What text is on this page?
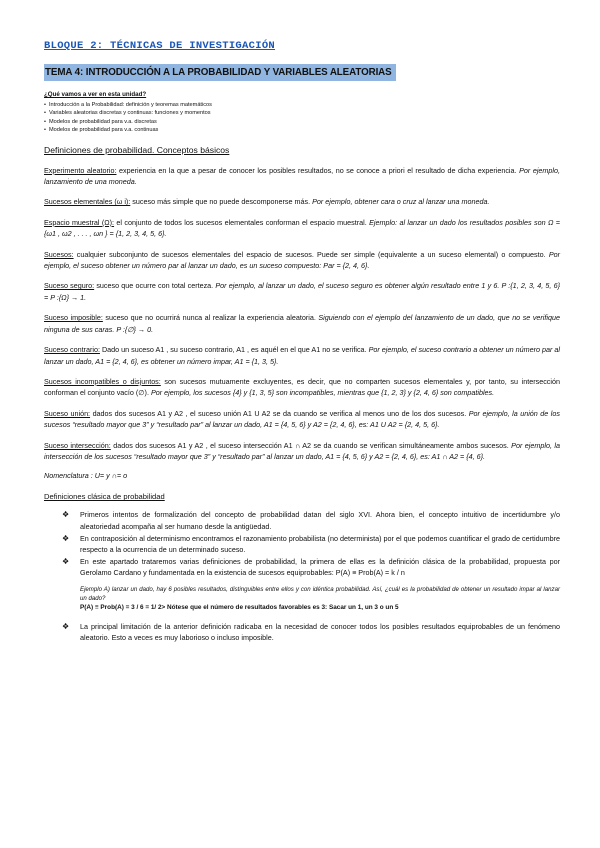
BLOQUE 2: TÉCNICAS DE INVESTIGACIÓN
TEMA 4: INTRODUCCIÓN A LA PROBABILIDAD Y VARIABLES ALEATORIAS
¿Qué vamos a ver en esta unidad?
• Introducción a la Probabilidad: definición y teoremas matemáticos
• Variables aleatorias discretas y continuas: funciones y momentos
• Modelos de probabilidad para v.a. discretas
• Modelos de probabilidad para v.a. continuas
Definiciones de probabilidad. Conceptos básicos

Experimento aleatorio: experiencia en la que a pesar de conocer los posibles resultados, no se conoce a priori el resultado de dicha experiencia. Por ejemplo, lanzamiento de una moneda.

Sucesos elementales (ω i): suceso más simple que no puede descomponerse más. Por ejemplo, obtener cara o cruz al lanzar una moneda.

Espacio muestral (Ω): el conjunto de todos los sucesos elementales conforman el espacio muestral. Ejemplo: al lanzar un dado los resultados posibles son Ω = {ω1 , ω2 , . . . , ωn } = {1, 2, 3, 4, 5, 6}.

Sucesos: cualquier subconjunto de sucesos elementales del espacio de sucesos. Puede ser simple (equivalente a un suceso elemental) o compuesto. Por ejemplo, el suceso obtener un número par al lanzar un dado, es un suceso compuesto: Par = {2, 4, 6}.

Suceso seguro: suceso que ocurre con total certeza. Por ejemplo, al lanzar un dado, el suceso seguro es obtener algún resultado entre 1 y 6. P :{1, 2, 3, 4, 5, 6} = P :{Ω} → 1.

Suceso imposible: suceso que no ocurrirá nunca al realizar la experiencia aleatoria. Siguiendo con el ejemplo del lanzamiento de un dado, que no se verifique ninguna de sus caras. P :{∅} → 0.

Suceso contrario: Dado un suceso A1 , su suceso contrario, A1 , es aquél en el que A1 no se verifica. Por ejemplo, el suceso contrario a obtener un número par al lanzar un dado, A1 = {2, 4, 6}, es obtener un número impar, A1 = {1, 3, 5}.

Sucesos incompatibles o disjuntos: son sucesos mutuamente excluyentes, es decir, que no comparten sucesos elementales y, por tanto, su intersección conforman el conjunto vacío (∅). Por ejemplo, los sucesos {4} y {1, 3, 5} son incompatibles, mientras que {1, 2, 3} y {2, 4, 6} son compatibles.

Suceso unión: dados dos sucesos A1 y A2 , el suceso unión A1 U A2 se da cuando se verifica al menos uno de los dos sucesos. Por ejemplo, la unión de los sucesos “resultado mayor que 3” y “resultado par” al lanzar un dado, A1 = {4, 5, 6} y A2 = {2, 4, 6}, es: A1 U A2 = {2, 4, 5, 6}.

Suceso intersección: dados dos sucesos A1 y A2 , el suceso intersección A1 ∩ A2 se da cuando se verifican simultáneamente ambos sucesos. Por ejemplo, la intersección de los sucesos “resultado mayor que 3” y “resultado par” al lanzar un dado, A1 = {4, 5, 6} y A2 = {2, 4, 6}, es: A1 ∩ A2 = {4, 6}.

Nomenclatura : U= y ∩= o
Definiciones clásica de probabilidad
❖ Primeros intentos de formalización del concepto de probabilidad datan del siglo XVI. Ahora bien, el concepto intuitivo de incertidumbre y/o aleatoriedad acompaña al ser humano desde la antigüedad.
❖ En contraposición al determinismo encontramos el razonamiento probabilista (no determinista) por el que podemos cuantificar el grado de certidumbre respecto a la ocurrencia de un determinado suceso.
❖ En este apartado trataremos varias definiciones de probabilidad, la primera de ellas es la definición clásica de la probabilidad, propuesta por Gerolamo Cardano y fundamentada en la existencia de sucesos equiprobables: P(A) ≡ Prob(A) = k / n
Ejemplo A) lanzar un dado, hay 6 posibles resultados, distinguibles entre ellos y con idéntica probabilidad. Así, ¿cuál es la probabilidad de obtener un resultado impar al lanzar un dado?
P(A) ≡ Prob(A) = 3 / 6 = 1/ 2> Nótese que el número de resultados favorables es 3: Sacar un 1, un 3 o un 5
❖ La principal limitación de la anterior definición radicaba en la necesidad de conocer todos los posibles resultados equiprobables de un fenómeno aleatorio. Esto a veces es muy laborioso o incluso imposible.
